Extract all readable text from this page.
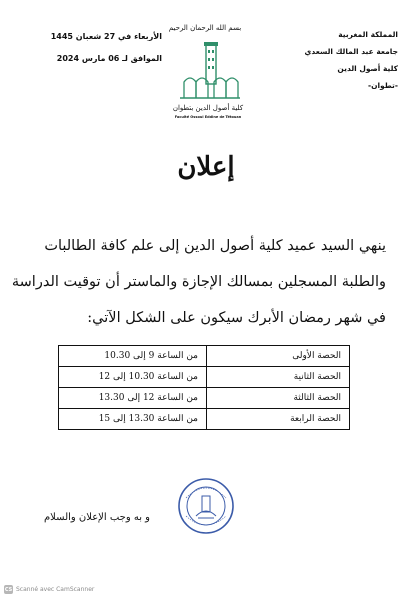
المملكة المغربية
جامعة عبد المالك السعدي
كلية أصول الدين
-تطوان-
بسم الله الرحمان الرحيم
كلية أصول الدين بتطوان
Faculté Ossoul Eddine de Tétouan
الأربعاء في 27 شعبان 1445
الموافق لـ 06 مارس 2024
إعلان
ينهي السيد عميد كلية أصول الدين إلى علم كافة الطالبات
والطلبة المسجلين بمسالك الإجازة والماستر أن توقيت الدراسة
في شهر رمضان الأبرك سيكون على الشكل الآتي:
الحصة الأولى	من الساعة 9 إلى 10.30
الحصة الثانية	من الساعة 10.30 إلى 12
الحصة الثالثة	من الساعة 12 إلى 13.30
الحصة الرابعة	من الساعة 13.30 إلى 15
و به وجب الإعلان والسلام
CS Scanné avec CamScanner
